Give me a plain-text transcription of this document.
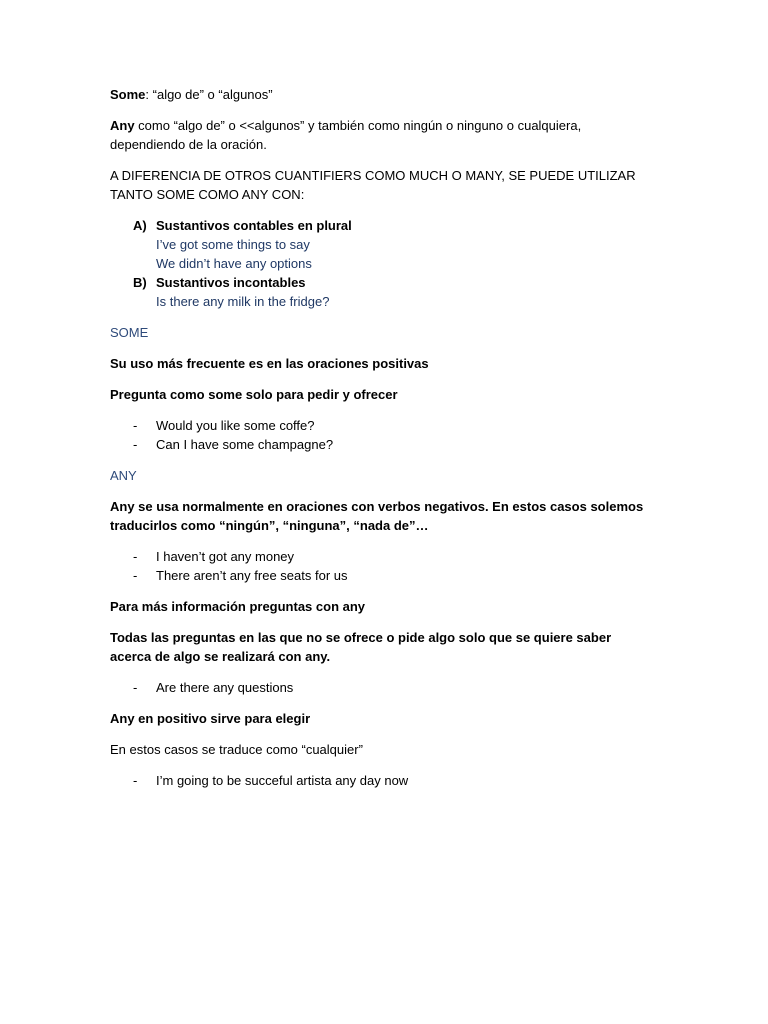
Some: “algo de” o “algunos”

Any como “algo de” o <<algunos” y también como ningún o ninguno o cualquiera, dependiendo de la oración.

A DIFERENCIA DE OTROS CUANTIFIERS COMO MUCH O MANY, SE PUEDE UTILIZAR TANTO SOME COMO ANY CON:

A) Sustantivos contables en plural
I’ve got some things to say
We didn’t have any options
B) Sustantivos incontables
Is there any milk in the fridge?

SOME

Su uso más frecuente es en las oraciones positivas

Pregunta como some solo para pedir y ofrecer

- Would you like some coffe?
- Can I have some champagne?

ANY

Any se usa normalmente en oraciones con verbos negativos. En estos casos solemos traducirlos como “ningún”, “ninguna”, “nada de”…

- I haven’t got any money
- There aren’t any free seats for us

Para más información preguntas con any

Todas las preguntas en las que no se ofrece o pide algo solo que se quiere saber acerca de algo se realizará con any.

- Are there any questions

Any en positivo sirve para elegir

En estos casos se traduce como “cualquier”

- I’m going to be succeful artista any day now
